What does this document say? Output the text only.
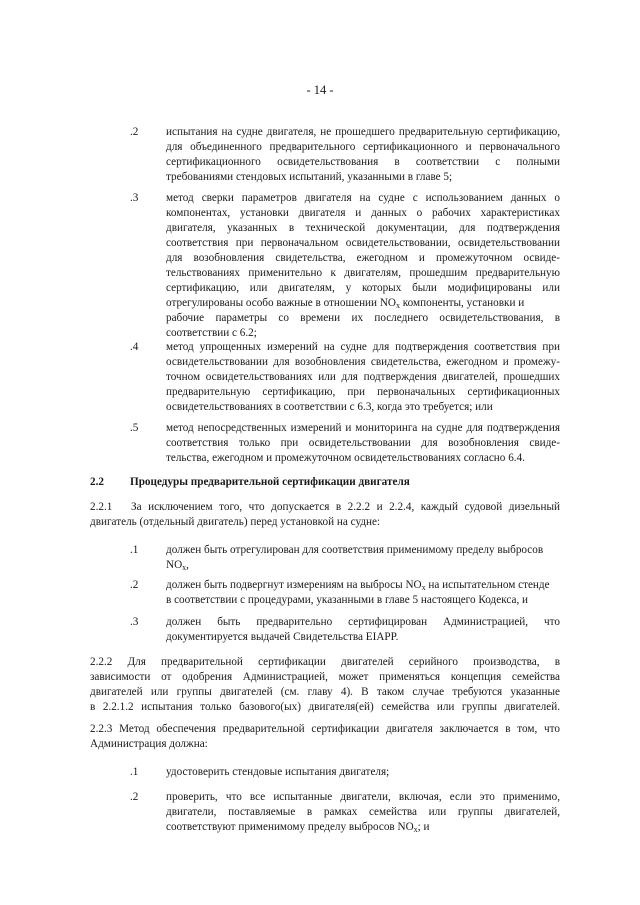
- 14 -
.2 испытания на судне двигателя, не прошедшего предварительную сертификацию,
для объединенного предварительного сертификационного и первоначального
сертификационного освидетельствования в соответствии с полными
требованиями стендовых испытаний, указанными в главе 5;
.3 метод сверки параметров двигателя на судне с использованием данных о
компонентах, установки двигателя и данных о рабочих характеристиках
двигателя, указанных в технической документации, для подтверждения
соответствия при первоначальном освидетельствовании, освидетельствовании
для возобновления свидетельства, ежегодном и промежуточном освиде-
тельствованиях применительно к двигателям, прошедшим предварительную
сертификацию, или двигателям, у которых были модифицированы или
отрегулированы особо важные в отношении $NO_x$ компоненты, установки и
рабочие параметры со времени их последнего освидетельствования, в
соответствии с 6.2;
.4 метод упрощенных измерений на судне для подтверждения соответствия при
освидетельствовании для возобновления свидетельства, ежегодном и промежу-
точном освидетельствованиях или для подтверждения двигателей, прошедших
предварительную сертификацию, при первоначальных сертификационных
освидетельствованиях в соответствии с 6.3, когда это требуется; или
.5 метод непосредственных измерений и мониторинга на судне для подтверждения
соответствия только при освидетельствовании для возобновления свиде-
тельства, ежегодном и промежуточном освидетельствованиях согласно 6.4.
2.2 Процедуры предварительной сертификации двигателя
2.2.1 За исключением того, что допускается в 2.2.2 и 2.2.4, каждый судовой дизельный
двигатель (отдельный двигатель) перед установкой на судне:
.1 должен быть отрегулирован для соответствия применимому пределу выбросов
$NO_x$,
.2 должен быть подвергнут измерениям на выбросы $NO_x$ на испытательном стенде
в соответствии с процедурами, указанными в главе 5 настоящего Кодекса, и
.3 должен быть предварительно сертифицирован Администрацией, что
документируется выдачей Свидетельства EIAPP.
2.2.2 Для предварительной сертификации двигателей серийного производства, в
зависимости от одобрения Администрацией, может применяться концепция семейства
двигателей или группы двигателей (см. главу 4). В таком случае требуются указанные
в 2.2.1.2 испытания только базового(ых) двигателя(ей) семейства или группы двигателей.
2.2.3 Метод обеспечения предварительной сертификации двигателя заключается в том, что
Администрация должна:
.1 удостоверить стендовые испытания двигателя;
.2 проверить, что все испытанные двигатели, включая, если это применимо,
двигатели, поставляемые в рамках семейства или группы двигателей,
соответствуют применимому пределу выбросов $NO_x$; и
